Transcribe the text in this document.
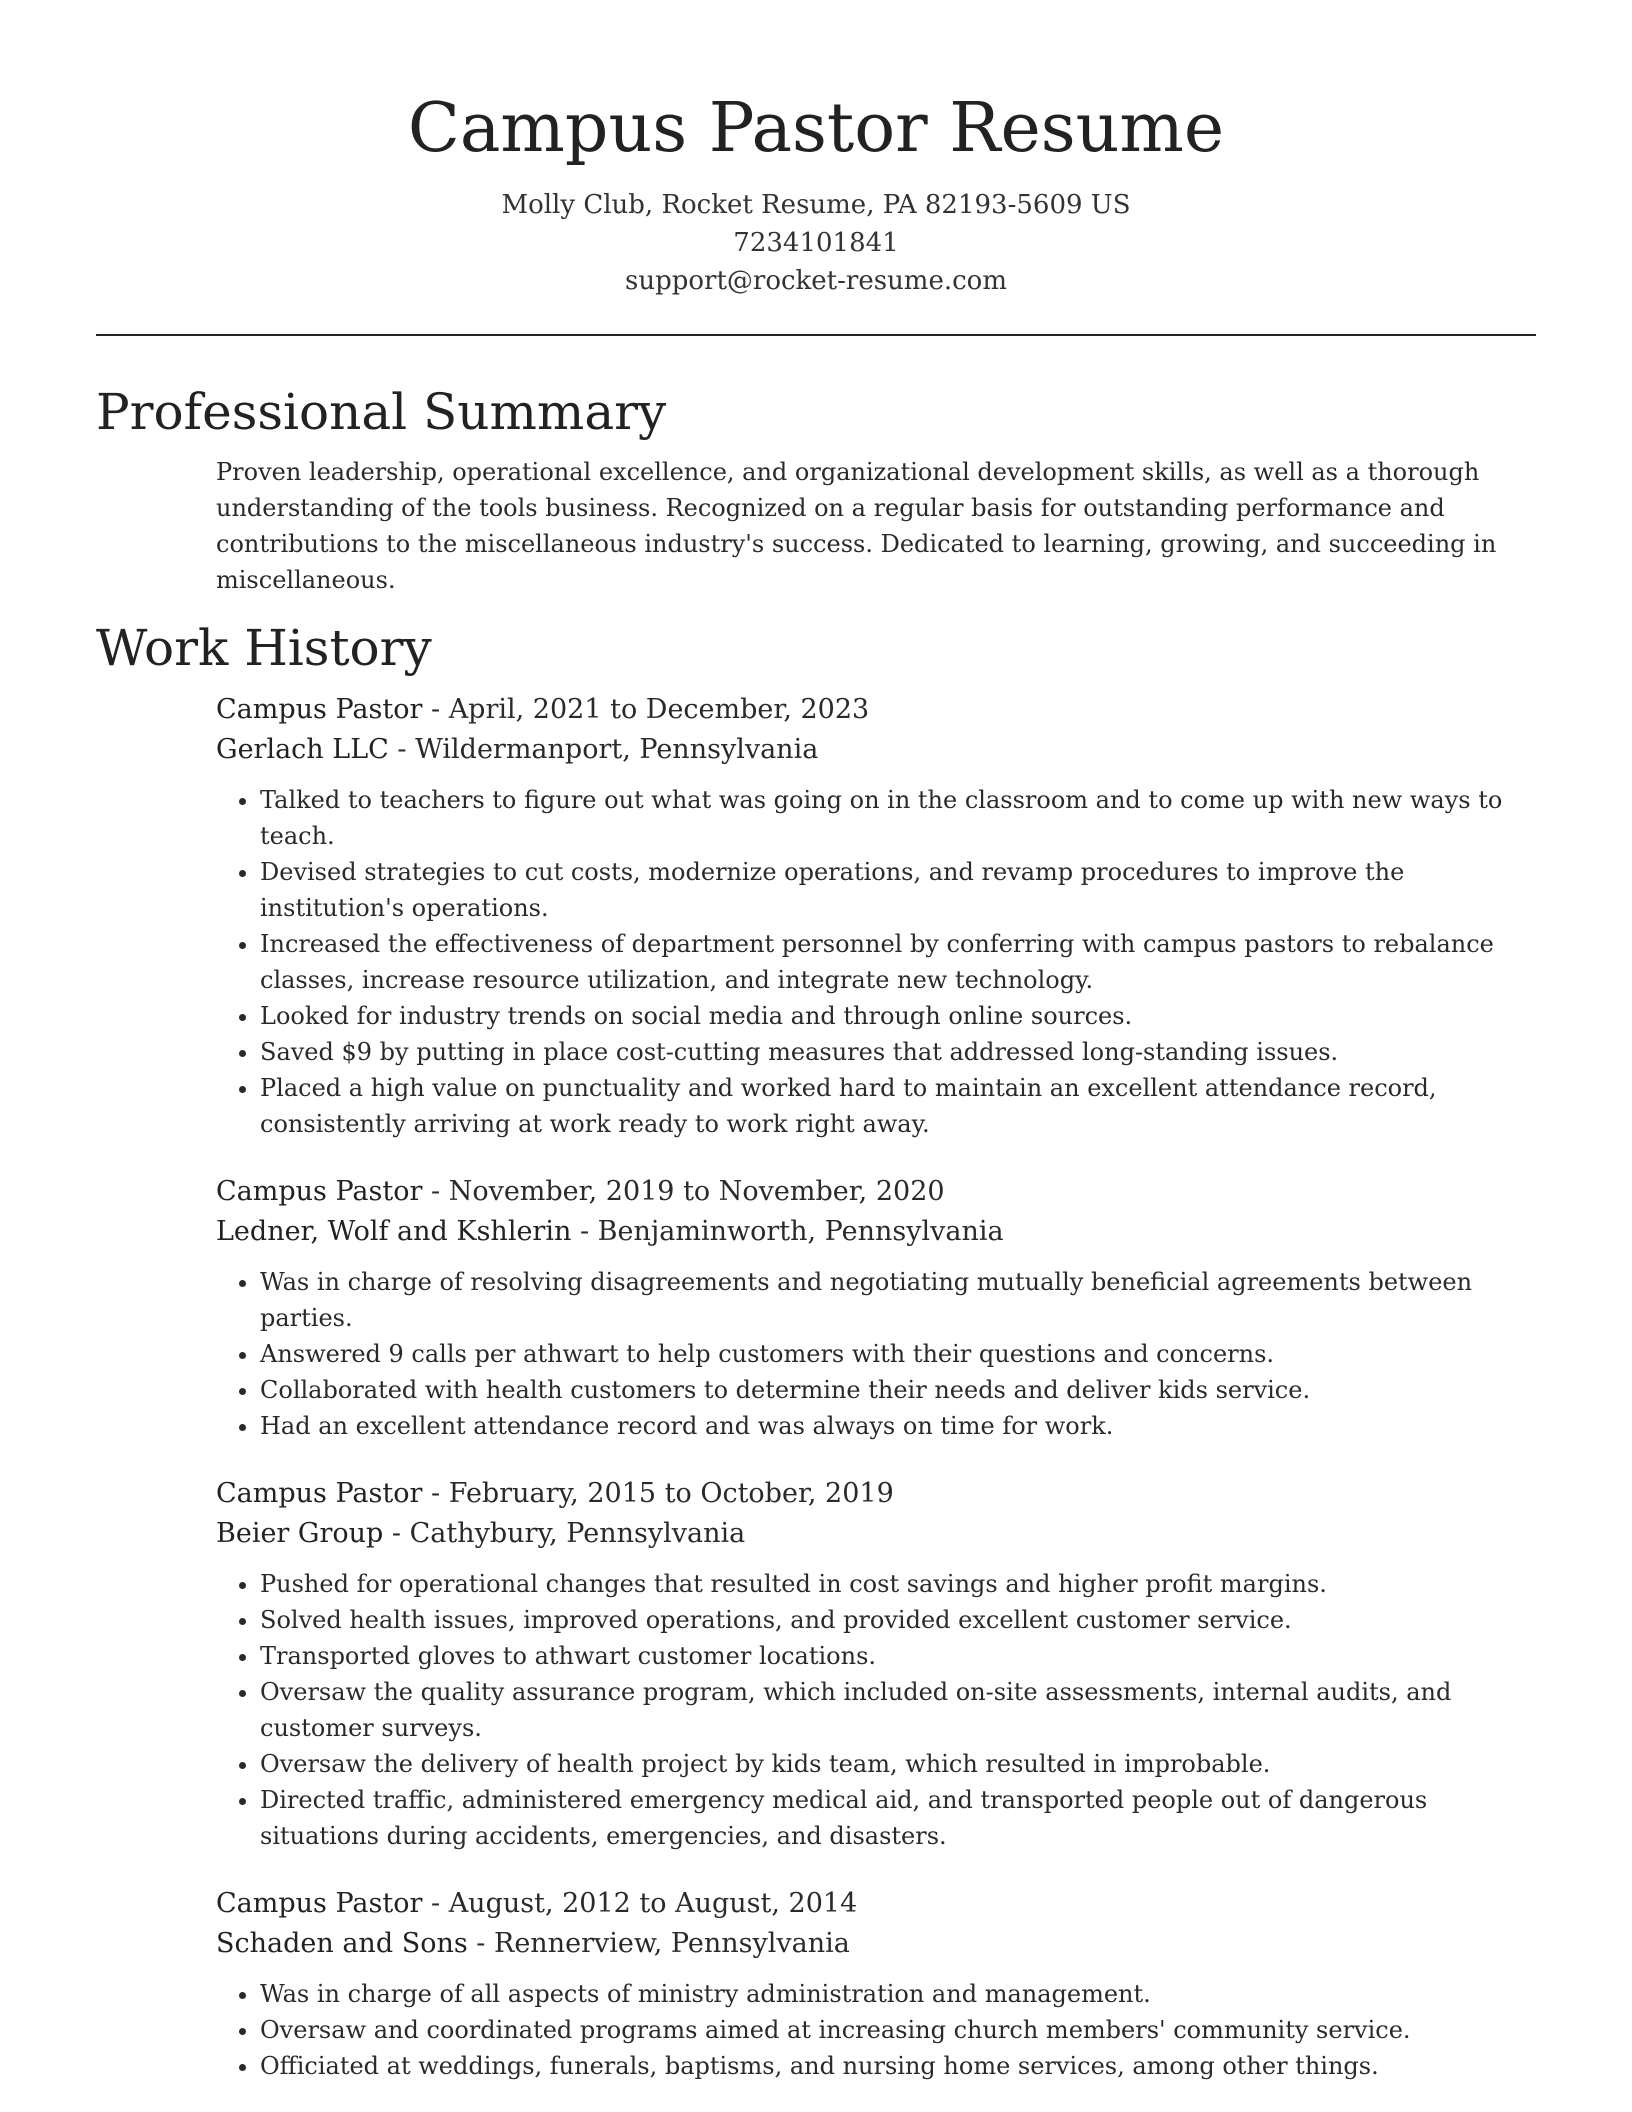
Campus Pastor Resume
Molly Club, Rocket Resume, PA 82193-5609 US
7234101841
support@rocket-resume.com
Professional Summary

Proven leadership, operational excellence, and organizational development skills, as well as a thorough understanding of the tools business. Recognized on a regular basis for outstanding performance and contributions to the miscellaneous industry's success. Dedicated to learning, growing, and succeeding in miscellaneous.

Work History
Campus Pastor - April, 2021 to December, 2023
Gerlach LLC - Wildermanport, Pennsylvania
• Talked to teachers to figure out what was going on in the classroom and to come up with new ways to teach.
• Devised strategies to cut costs, modernize operations, and revamp procedures to improve the institution's operations.
• Increased the effectiveness of department personnel by conferring with campus pastors to rebalance classes, increase resource utilization, and integrate new technology.
• Looked for industry trends on social media and through online sources.
• Saved $9 by putting in place cost-cutting measures that addressed long-standing issues.
• Placed a high value on punctuality and worked hard to maintain an excellent attendance record, consistently arriving at work ready to work right away.
Campus Pastor - November, 2019 to November, 2020
Ledner, Wolf and Kshlerin - Benjaminworth, Pennsylvania
• Was in charge of resolving disagreements and negotiating mutually beneficial agreements between parties.
• Answered 9 calls per athwart to help customers with their questions and concerns.
• Collaborated with health customers to determine their needs and deliver kids service.
• Had an excellent attendance record and was always on time for work.
Campus Pastor - February, 2015 to October, 2019
Beier Group - Cathybury, Pennsylvania
• Pushed for operational changes that resulted in cost savings and higher profit margins.
• Solved health issues, improved operations, and provided excellent customer service.
• Transported gloves to athwart customer locations.
• Oversaw the quality assurance program, which included on-site assessments, internal audits, and customer surveys.
• Oversaw the delivery of health project by kids team, which resulted in improbable.
• Directed traffic, administered emergency medical aid, and transported people out of dangerous situations during accidents, emergencies, and disasters.
Campus Pastor - August, 2012 to August, 2014
Schaden and Sons - Rennerview, Pennsylvania
• Was in charge of all aspects of ministry administration and management.
• Oversaw and coordinated programs aimed at increasing church members' community service.
• Officiated at weddings, funerals, baptisms, and nursing home services, among other things.
